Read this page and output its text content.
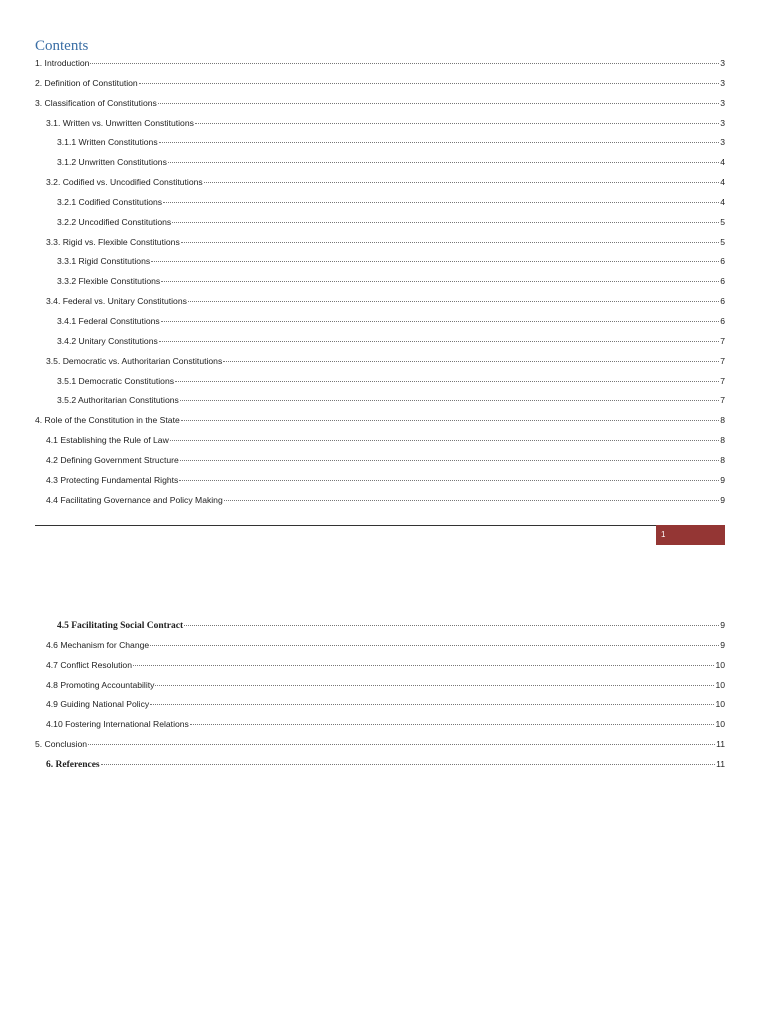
Contents
1. Introduction	3
2. Definition of Constitution	3
3. Classification of Constitutions	3
3.1. Written vs. Unwritten Constitutions	3
3.1.1 Written Constitutions	3
3.1.2 Unwritten Constitutions	4
3.2. Codified vs. Uncodified Constitutions	4
3.2.1 Codified Constitutions	4
3.2.2 Uncodified Constitutions	5
3.3. Rigid vs. Flexible Constitutions	5
3.3.1 Rigid Constitutions	6
3.3.2 Flexible Constitutions	6
3.4. Federal vs. Unitary Constitutions	6
3.4.1 Federal Constitutions	6
3.4.2 Unitary Constitutions	7
3.5. Democratic vs. Authoritarian Constitutions	7
3.5.1 Democratic Constitutions	7
3.5.2 Authoritarian Constitutions	7
4. Role of the Constitution in the State	8
4.1 Establishing the Rule of Law	8
4.2 Defining Government Structure	8
4.3 Protecting Fundamental Rights	9
4.4 Facilitating Governance and Policy Making	9
1
4.5 Facilitating Social Contract	9
4.6 Mechanism for Change	9
4.7 Conflict Resolution	10
4.8 Promoting Accountability	10
4.9 Guiding National Policy	10
4.10 Fostering International Relations	10
5. Conclusion	11
6. References	11
